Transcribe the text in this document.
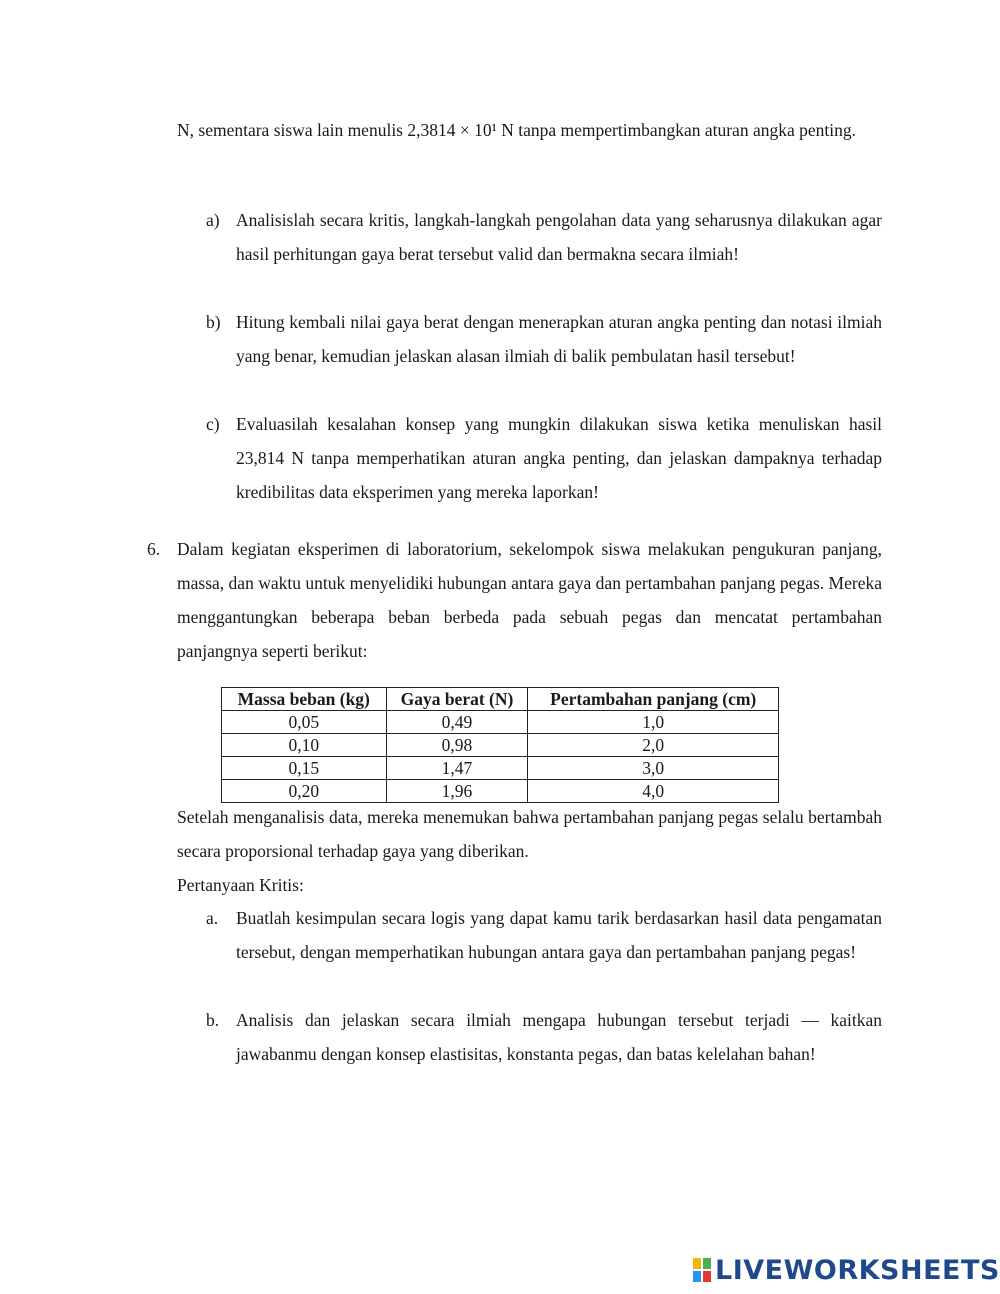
N, sementara siswa lain menulis 2,3814 × 10¹ N tanpa mempertimbangkan aturan angka penting.

a) Analisislah secara kritis, langkah-langkah pengolahan data yang seharusnya dilakukan agar hasil perhitungan gaya berat tersebut valid dan bermakna secara ilmiah!
b) Hitung kembali nilai gaya berat dengan menerapkan aturan angka penting dan notasi ilmiah yang benar, kemudian jelaskan alasan ilmiah di balik pembulatan hasil tersebut!
c) Evaluasilah kesalahan konsep yang mungkin dilakukan siswa ketika menuliskan hasil 23,814 N tanpa memperhatikan aturan angka penting, dan jelaskan dampaknya terhadap kredibilitas data eksperimen yang mereka laporkan!
6. Dalam kegiatan eksperimen di laboratorium, sekelompok siswa melakukan pengukuran panjang, massa, dan waktu untuk menyelidiki hubungan antara gaya dan pertambahan panjang pegas. Mereka menggantungkan beberapa beban berbeda pada sebuah pegas dan mencatat pertambahan panjangnya seperti berikut:

Massa beban (kg)	Gaya berat (N)	Pertambahan panjang (cm)
0,05	0,49	1,0
0,10	0,98	2,0
0,15	1,47	3,0
0,20	1,96	4,0

Setelah menganalisis data, mereka menemukan bahwa pertambahan panjang pegas selalu bertambah secara proporsional terhadap gaya yang diberikan.

Pertanyaan Kritis:

a. Buatlah kesimpulan secara logis yang dapat kamu tarik berdasarkan hasil data pengamatan tersebut, dengan memperhatikan hubungan antara gaya dan pertambahan panjang pegas!
b. Analisis dan jelaskan secara ilmiah mengapa hubungan tersebut terjadi — kaitkan jawabanmu dengan konsep elastisitas, konstanta pegas, dan batas kelelahan bahan!
LIVEWORKSHEETS
